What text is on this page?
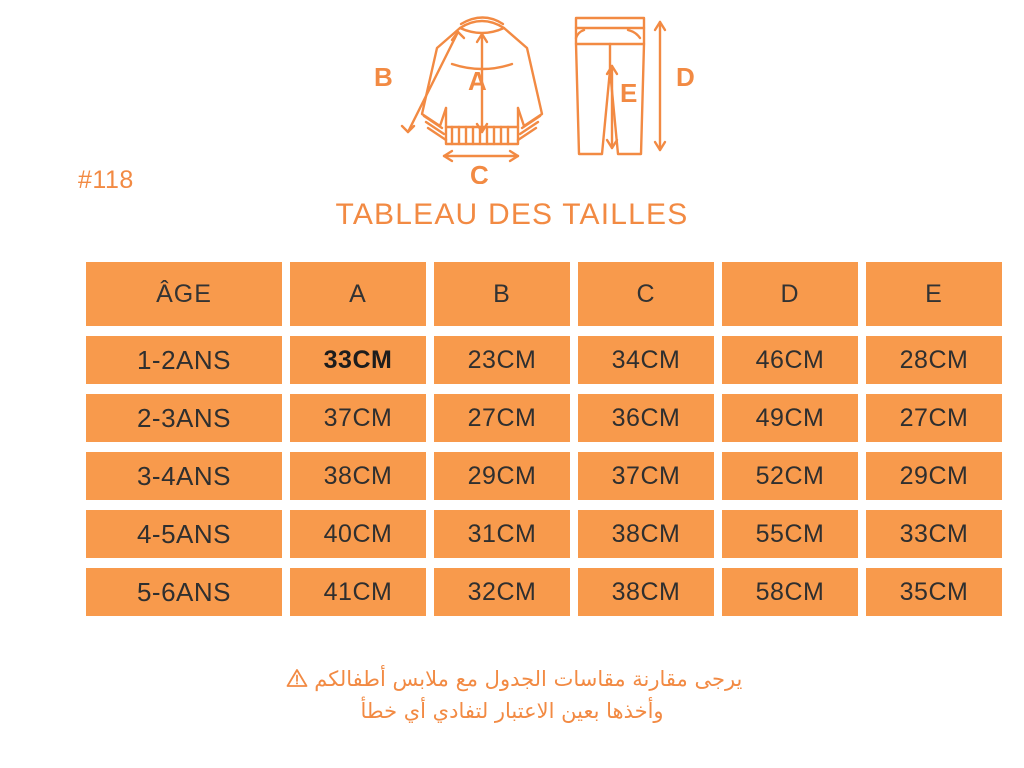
B	A
C
D
E
#118
TABLEAU DES TAILLES
ÂGE	A	B	C	D	E
1-2ANS	33CM	23CM	34CM	46CM	28CM
2-3ANS	37CM	27CM	36CM	49CM	27CM
3-4ANS	38CM	29CM	37CM	52CM	29CM
4-5ANS	40CM	31CM	38CM	55CM	33CM
5-6ANS	41CM	32CM	38CM	58CM	35CM
يرجى مقارنة مقاسات الجدول مع ملابس أطفالكم
وأخذها بعين الاعتبار لتفادي أي خطأ
